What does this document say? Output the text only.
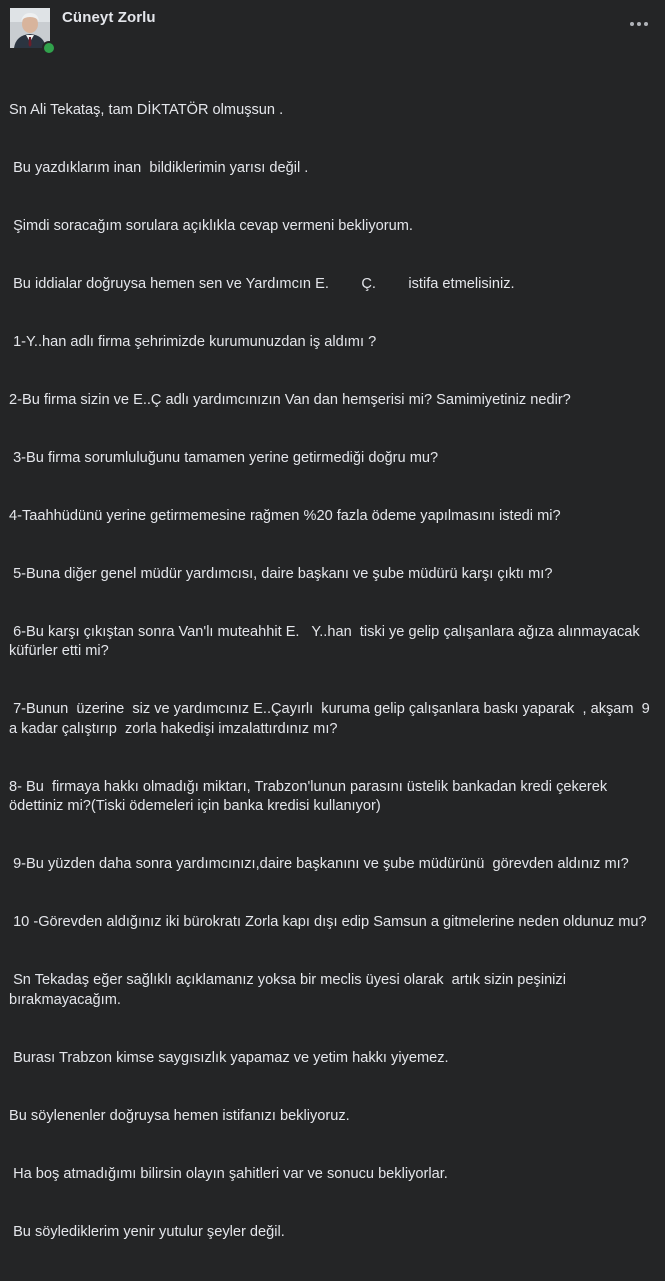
Cüneyt Zorlu

Sn Ali Tekataş, tam DİKTATÖR olmuşsun .

Bu yazdıklarım inan  bildiklerimin yarısı değil .

Şimdi soracağım sorulara açıklıkla cevap vermeni bekliyorum.

Bu iddialar doğruysa hemen sen ve Yardımcın E.        Ç.        istifa etmelisiniz.

1-Y..han adlı firma şehrimizde kurumunuzdan iş aldımı ?

2-Bu firma sizin ve E..Ç adlı yardımcınızın Van dan hemşerisi mi? Samimiyetiniz nedir?

3-Bu firma sorumluluğunu tamamen yerine getirmediği doğru mu?

4-Taahhüdünü yerine getirmemesine rağmen %20 fazla ödeme yapılmasını istedi mi?

5-Buna diğer genel müdür yardımcısı, daire başkanı ve şube müdürü karşı çıktı mı?

6-Bu karşı çıkıştan sonra Van'lı muteahhit E.   Y..han  tiski ye gelip çalışanlara ağıza alınmayacak küfürler etti mi?

7-Bunun  üzerine  siz ve yardımcınız E..Çayırlı  kuruma gelip çalışanlara baskı yaparak  , akşam  9 a kadar çalıştırıp  zorla hakedişi imzalattırdınız mı?

8- Bu  firmaya hakkı olmadığı miktarı, Trabzon'lunun parasını üstelik bankadan kredi çekerek ödettiniz mi?(Tiski ödemeleri için banka kredisi kullanıyor)

9-Bu yüzden daha sonra yardımcınızı,daire başkanını ve şube müdürünü  görevden aldınız mı?

10 -Görevden aldığınız iki bürokratı Zorla kapı dışı edip Samsun a gitmelerine neden oldunuz mu?

Sn Tekadaş eğer sağlıklı açıklamanız yoksa bir meclis üyesi olarak  artık sizin peşinizi bırakmayacağım.

Burası Trabzon kimse saygısızlık yapamaz ve yetim hakkı yiyemez.

Bu söylenenler doğruysa hemen istifanızı bekliyoruz.

Ha boş atmadığımı bilirsin olayın şahitleri var ve sonucu bekliyorlar.

Bu söylediklerim yenir yutulur şeyler değil.
